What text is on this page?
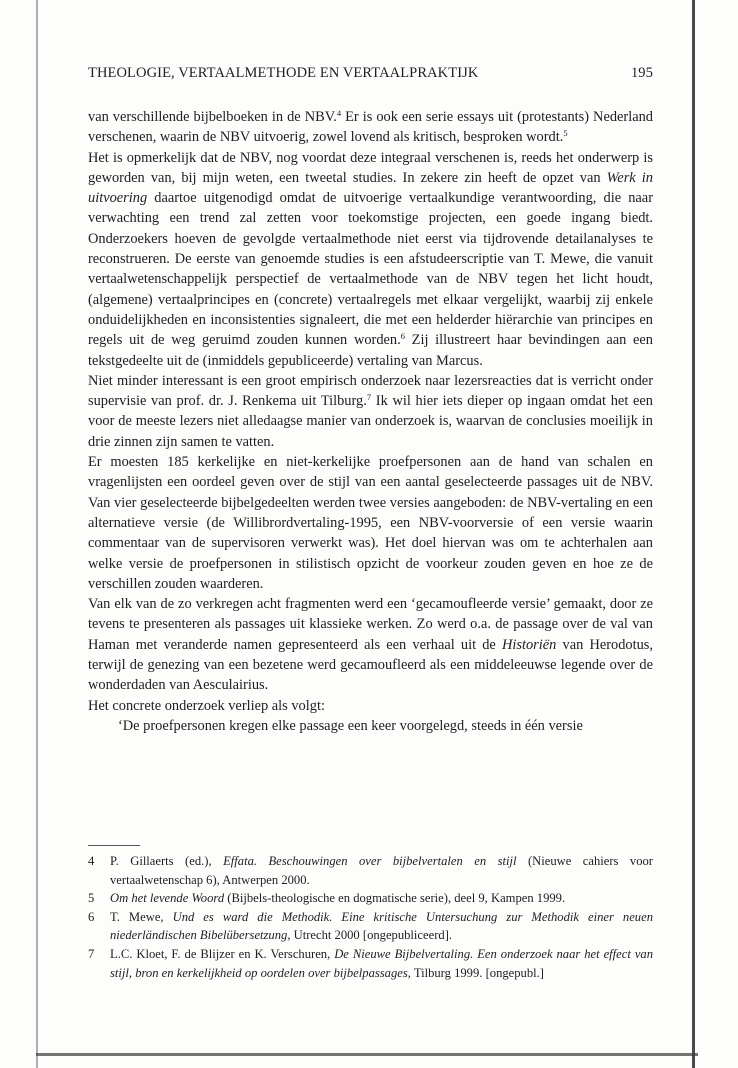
THEOLOGIE, VERTAALMETHODE EN VERTAALPRAKTIJK	195

van verschillende bijbelboeken in de NBV.$^4$ Er is ook een serie essays uit (protestants) Nederland verschenen, waarin de NBV uitvoerig, zowel lovend als kritisch, besproken wordt.$^5$

Het is opmerkelijk dat de NBV, nog voordat deze integraal verschenen is, reeds het onderwerp is geworden van, bij mijn weten, een tweetal studies. In zekere zin heeft de opzet van Werk in uitvoering daartoe uitgenodigd omdat de uitvoerige vertaalkundige verantwoording, die naar verwachting een trend zal zetten voor toekomstige projecten, een goede ingang biedt. Onderzoekers hoeven de gevolgde vertaalmethode niet eerst via tijdrovende detailanalyses te reconstrueren. De eerste van genoemde studies is een afstudeerscriptie van T. Mewe, die vanuit vertaalwetenschappelijk perspectief de vertaalmethode van de NBV tegen het licht houdt, (algemene) vertaalprincipes en (concrete) vertaalregels met elkaar vergelijkt, waarbij zij enkele onduidelijkheden en inconsistenties signaleert, die met een helderder hiërarchie van principes en regels uit de weg geruimd zouden kunnen worden.$^6$ Zij illustreert haar bevindingen aan een tekstgedeelte uit de (inmiddels gepubliceerde) vertaling van Marcus.

Niet minder interessant is een groot empirisch onderzoek naar lezersreacties dat is verricht onder supervisie van prof. dr. J. Renkema uit Tilburg.$^7$ Ik wil hier iets dieper op ingaan omdat het een voor de meeste lezers niet alledaagse manier van onderzoek is, waarvan de conclusies moeilijk in drie zinnen zijn samen te vatten.

Er moesten 185 kerkelijke en niet-kerkelijke proefpersonen aan de hand van schalen en vragenlijsten een oordeel geven over de stijl van een aantal geselecteerde passages uit de NBV. Van vier geselecteerde bijbelgedeelten werden twee versies aangeboden: de NBV-vertaling en een alternatieve versie (de Willibrordvertaling-1995, een NBV-voorversie of een versie waarin commentaar van de supervisoren verwerkt was). Het doel hiervan was om te achterhalen aan welke versie de proefpersonen in stilistisch opzicht de voorkeur zouden geven en hoe ze de verschillen zouden waarderen.

Van elk van de zo verkregen acht fragmenten werd een ‘gecamoufleerde versie’ gemaakt, door ze tevens te presenteren als passages uit klassieke werken. Zo werd o.a. de passage over de val van Haman met veranderde namen gepresenteerd als een verhaal uit de Historiën van Herodotus, terwijl de genezing van een bezetene werd gecamoufleerd als een middeleeuwse legende over de wonderdaden van Aesculairius.

Het concrete onderzoek verliep als volgt:

‘De proefpersonen kregen elke passage een keer voorgelegd, steeds in één versie

4	P. Gillaerts (ed.), Effata. Beschouwingen over bijbelvertalen en stijl (Nieuwe cahiers voor vertaalwetenschap 6), Antwerpen 2000.
5	Om het levende Woord (Bijbels-theologische en dogmatische serie), deel 9, Kampen 1999.
6	T. Mewe, Und es ward die Methodik. Eine kritische Untersuchung zur Methodik einer neuen niederländischen Bibelübersetzung, Utrecht 2000 [ongepubliceerd].
7	L.C. Kloet, F. de Blijzer en K. Verschuren, De Nieuwe Bijbelvertaling. Een onderzoek naar het effect van stijl, bron en kerkelijkheid op oordelen over bijbelpassages, Tilburg 1999. [ongepubl.]
